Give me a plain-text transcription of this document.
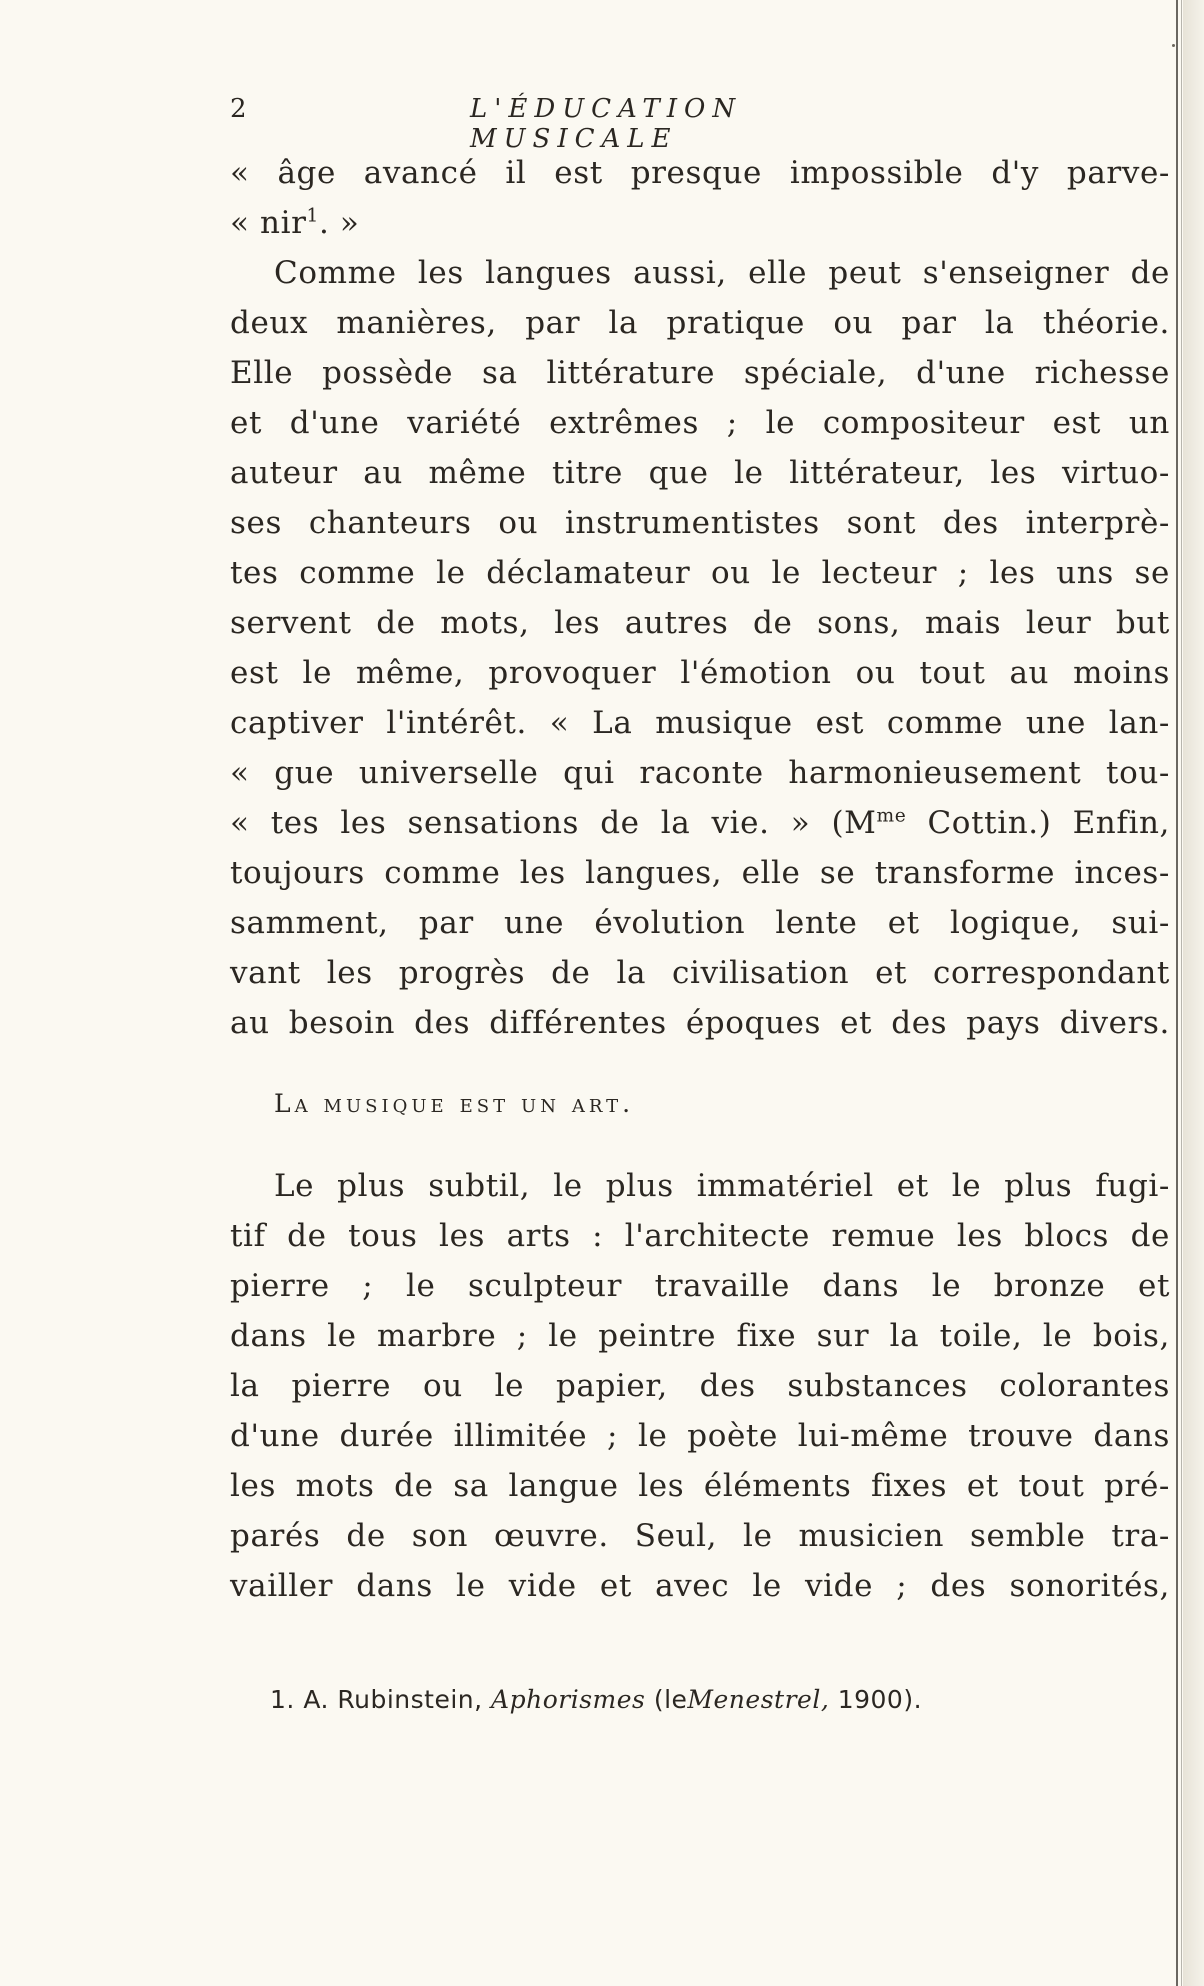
2	L'ÉDUCATION MUSICALE
« âge avancé il est presque impossible d'y parve-
« nir$^1$. »
Comme les langues aussi, elle peut s'enseigner de
deux manières, par la pratique ou par la théorie.
Elle possède sa littérature spéciale, d'une richesse
et d'une variété extrêmes ; le compositeur est un
auteur au même titre que le littérateur, les virtuo-
ses chanteurs ou instrumentistes sont des interprè-
tes comme le déclamateur ou le lecteur ; les uns se
servent de mots, les autres de sons, mais leur but
est le même, provoquer l'émotion ou tout au moins
captiver l'intérêt. « La musique est comme une lan-
« gue universelle qui raconte harmonieusement tou-
« tes les sensations de la vie. » ($M^{me}$ Cottin.) Enfin,
toujours comme les langues, elle se transforme inces-
samment, par une évolution lente et logique, sui-
vant les progrès de la civilisation et correspondant
au besoin des différentes époques et des pays divers.
La musique est un art.
Le plus subtil, le plus immatériel et le plus fugi-
tif de tous les arts : l'architecte remue les blocs de
pierre ; le sculpteur travaille dans le bronze et
dans le marbre ; le peintre fixe sur la toile, le bois,
la pierre ou le papier, des substances colorantes
d'une durée illimitée ; le poète lui-même trouve dans
les mots de sa langue les éléments fixes et tout pré-
parés de son œuvre. Seul, le musicien semble tra-
vailler dans le vide et avec le vide ; des sonorités,
1. A. Rubinstein, Aphorismes (leMenestrel, 1900).
